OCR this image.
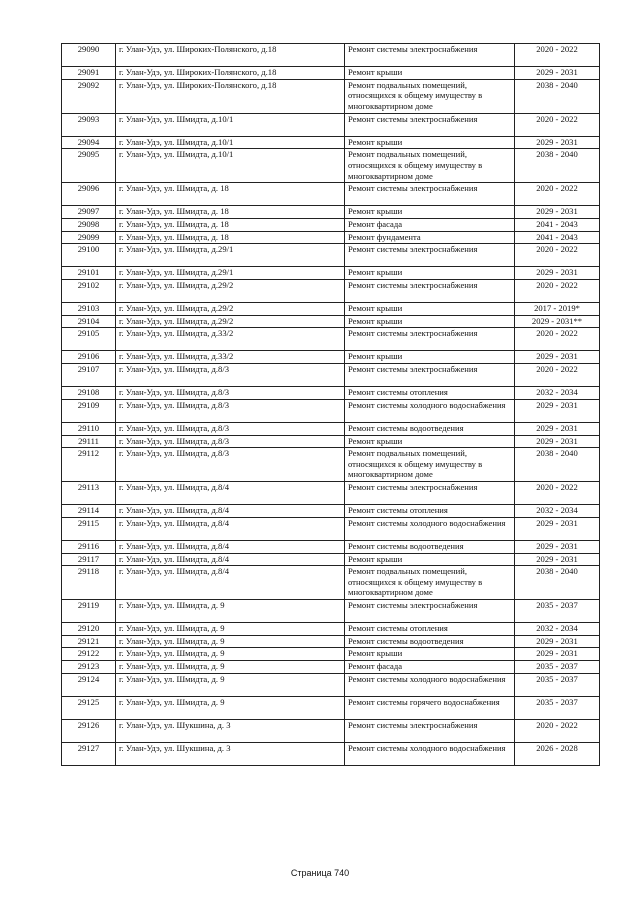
29090	г. Улан-Удэ, ул. Широких-Полянского, д.18	Ремонт системы электроснабжения	2020 - 2022
29091	г. Улан-Удэ, ул. Широких-Полянского, д.18	Ремонт крыши	2029 - 2031
29092	г. Улан-Удэ, ул. Широких-Полянского, д.18	Ремонт подвальных помещений, относящихся к общему имуществу в многоквартирном доме	2038 - 2040
29093	г. Улан-Удэ, ул. Шмидта, д.10/1	Ремонт системы электроснабжения	2020 - 2022
29094	г. Улан-Удэ, ул. Шмидта, д.10/1	Ремонт крыши	2029 - 2031
29095	г. Улан-Удэ, ул. Шмидта, д.10/1	Ремонт подвальных помещений, относящихся к общему имуществу в многоквартирном доме	2038 - 2040
29096	г. Улан-Удэ, ул. Шмидта, д. 18	Ремонт системы электроснабжения	2020 - 2022
29097	г. Улан-Удэ, ул. Шмидта, д. 18	Ремонт крыши	2029 - 2031
29098	г. Улан-Удэ, ул. Шмидта, д. 18	Ремонт фасада	2041 - 2043
29099	г. Улан-Удэ, ул. Шмидта, д. 18	Ремонт фундамента	2041 - 2043
29100	г. Улан-Удэ, ул. Шмидта, д.29/1	Ремонт системы электроснабжения	2020 - 2022
29101	г. Улан-Удэ, ул. Шмидта, д.29/1	Ремонт крыши	2029 - 2031
29102	г. Улан-Удэ, ул. Шмидта, д.29/2	Ремонт системы электроснабжения	2020 - 2022
29103	г. Улан-Удэ, ул. Шмидта, д.29/2	Ремонт крыши	2017 - 2019*
29104	г. Улан-Удэ, ул. Шмидта, д.29/2	Ремонт крыши	2029 - 2031**
29105	г. Улан-Удэ, ул. Шмидта, д.33/2	Ремонт системы электроснабжения	2020 - 2022
29106	г. Улан-Удэ, ул. Шмидта, д.33/2	Ремонт крыши	2029 - 2031
29107	г. Улан-Удэ, ул. Шмидта, д.8/3	Ремонт системы электроснабжения	2020 - 2022
29108	г. Улан-Удэ, ул. Шмидта, д.8/3	Ремонт системы отопления	2032 - 2034
29109	г. Улан-Удэ, ул. Шмидта, д.8/3	Ремонт системы холодного водоснабжения	2029 - 2031
29110	г. Улан-Удэ, ул. Шмидта, д.8/3	Ремонт системы водоотведения	2029 - 2031
29111	г. Улан-Удэ, ул. Шмидта, д.8/3	Ремонт крыши	2029 - 2031
29112	г. Улан-Удэ, ул. Шмидта, д.8/3	Ремонт подвальных помещений, относящихся к общему имуществу в многоквартирном доме	2038 - 2040
29113	г. Улан-Удэ, ул. Шмидта, д.8/4	Ремонт системы электроснабжения	2020 - 2022
29114	г. Улан-Удэ, ул. Шмидта, д.8/4	Ремонт системы отопления	2032 - 2034
29115	г. Улан-Удэ, ул. Шмидта, д.8/4	Ремонт системы холодного водоснабжения	2029 - 2031
29116	г. Улан-Удэ, ул. Шмидта, д.8/4	Ремонт системы водоотведения	2029 - 2031
29117	г. Улан-Удэ, ул. Шмидта, д.8/4	Ремонт крыши	2029 - 2031
29118	г. Улан-Удэ, ул. Шмидта, д.8/4	Ремонт подвальных помещений, относящихся к общему имуществу в многоквартирном доме	2038 - 2040
29119	г. Улан-Удэ, ул. Шмидта, д. 9	Ремонт системы электроснабжения	2035 - 2037
29120	г. Улан-Удэ, ул. Шмидта, д. 9	Ремонт системы отопления	2032 - 2034
29121	г. Улан-Удэ, ул. Шмидта, д. 9	Ремонт системы водоотведения	2029 - 2031
29122	г. Улан-Удэ, ул. Шмидта, д. 9	Ремонт крыши	2029 - 2031
29123	г. Улан-Удэ, ул. Шмидта, д. 9	Ремонт фасада	2035 - 2037
29124	г. Улан-Удэ, ул. Шмидта, д. 9	Ремонт системы холодного водоснабжения	2035 - 2037
29125	г. Улан-Удэ, ул. Шмидта, д. 9	Ремонт системы горячего водоснабжения	2035 - 2037
29126	г. Улан-Удэ, ул. Шукшина, д. 3	Ремонт системы электроснабжения	2020 - 2022
29127	г. Улан-Удэ, ул. Шукшина, д. 3	Ремонт системы холодного водоснабжения	2026 - 2028
Страница 740
